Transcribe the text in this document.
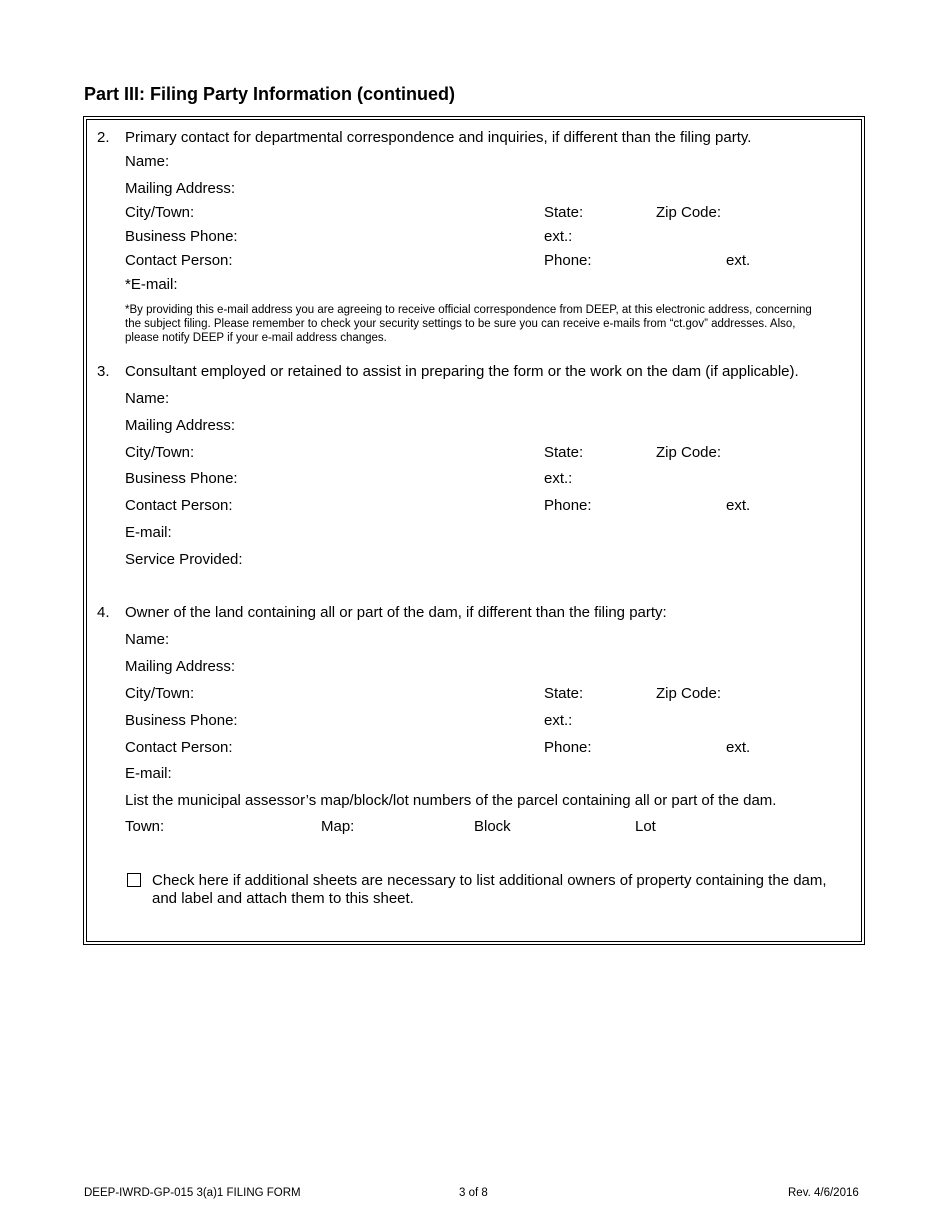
Part III: Filing Party Information (continued)
2. Primary contact for departmental correspondence and inquiries, if different than the filing party.
Name:
Mailing Address:
City/Town:	State:	Zip Code:
Business Phone:	ext.:
Contact Person:	Phone:	ext.
*E-mail:
*By providing this e-mail address you are agreeing to receive official correspondence from DEEP, at this electronic address, concerning the subject filing. Please remember to check your security settings to be sure you can receive e-mails from “ct.gov” addresses. Also, please notify DEEP if your e-mail address changes.
3. Consultant employed or retained to assist in preparing the form or the work on the dam (if applicable).
Name:
Mailing Address:
City/Town:	State:	Zip Code:
Business Phone:	ext.:
Contact Person:	Phone:	ext.
E-mail:
Service Provided:
4. Owner of the land containing all or part of the dam, if different than the filing party:
Name:
Mailing Address:
City/Town:	State:	Zip Code:
Business Phone:	ext.:
Contact Person:	Phone:	ext.
E-mail:
List the municipal assessor’s map/block/lot numbers of the parcel containing all or part of the dam.
Town:	Map:	Block	Lot
Check here if additional sheets are necessary to list additional owners of property containing the dam, and label and attach them to this sheet.
DEEP-IWRD-GP-015 3(a)1 FILING FORM	3 of 8	Rev. 4/6/2016
